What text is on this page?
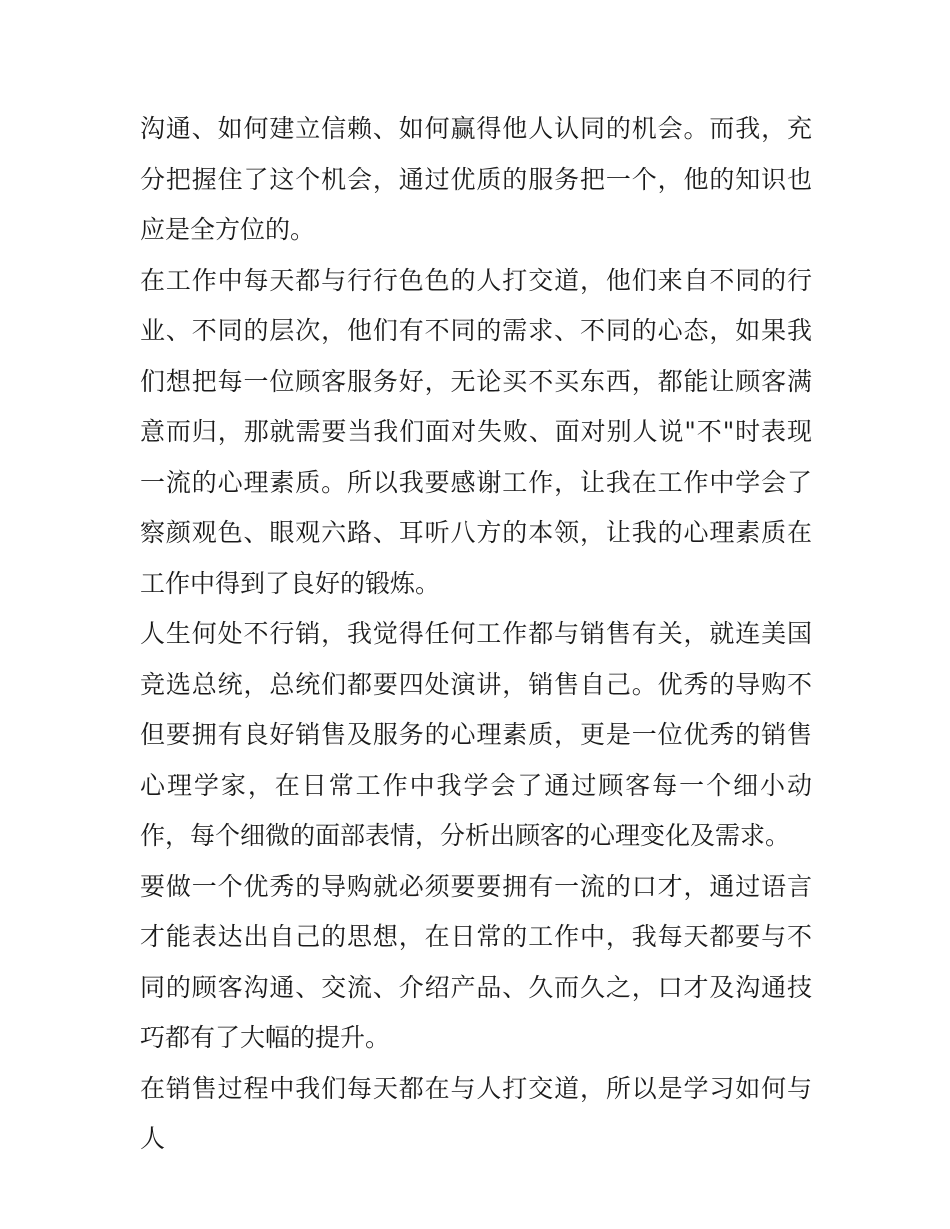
沟通、如何建立信赖、如何赢得他人认同的机会。而我，充分把握住了这个机会，通过优质的服务把一个，他的知识也应是全方位的。

在工作中每天都与行行色色的人打交道，他们来自不同的行业、不同的层次，他们有不同的需求、不同的心态，如果我们想把每一位顾客服务好，无论买不买东西，都能让顾客满意而归，那就需要当我们面对失败、面对别人说"不"时表现一流的心理素质。所以我要感谢工作，让我在工作中学会了察颜观色、眼观六路、耳听八方的本领，让我的心理素质在工作中得到了良好的锻炼。

人生何处不行销，我觉得任何工作都与销售有关，就连美国竞选总统，总统们都要四处演讲，销售自己。优秀的导购不但要拥有良好销售及服务的心理素质，更是一位优秀的销售心理学家，在日常工作中我学会了通过顾客每一个细小动作，每个细微的面部表情，分析出顾客的心理变化及需求。

要做一个优秀的导购就必须要要拥有一流的口才，通过语言才能表达出自己的思想，在日常的工作中，我每天都要与不同的顾客沟通、交流、介绍产品、久而久之，口才及沟通技巧都有了大幅的提升。

在销售过程中我们每天都在与人打交道，所以是学习如何与人
